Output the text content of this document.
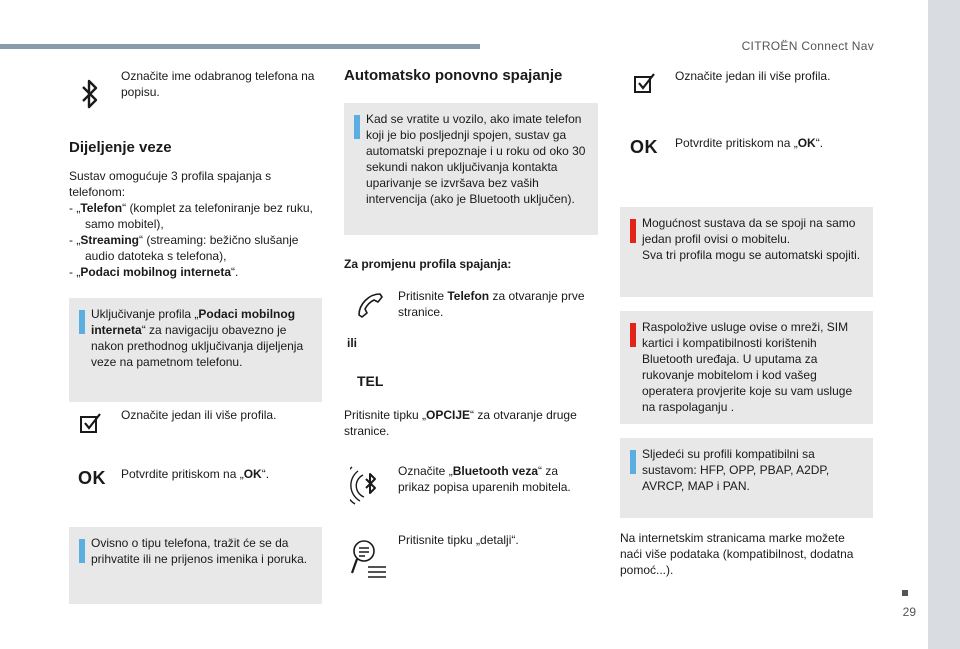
CITROËN Connect Nav
29
Označite ime odabranog telefona na popisu.
Dijeljenje veze
Sustav omogućuje 3 profila spajanja s telefonom:
- „Telefon“ (komplet za telefoniranje bez ruku, samo mobitel),
- „Streaming“ (streaming: bežično slušanje audio datoteka s telefona),
- „Podaci mobilnog interneta“.
Uključivanje profila „Podaci mobilnog interneta“ za navigaciju obavezno je nakon prethodnog uključivanja dijeljenja veze na pametnom telefonu.
Označite jedan ili više profila.
OK Potvrdite pritiskom na „OK“.
Ovisno o tipu telefona, tražit će se da prihvatite ili ne prijenos imenika i poruka.
Automatsko ponovno spajanje
Kad se vratite u vozilo, ako imate telefon koji je bio posljednji spojen, sustav ga automatski prepoznaje i u roku od oko 30 sekundi nakon uključivanja kontakta uparivanje se izvršava bez vaših intervencija (ako je Bluetooth uključen).
Za promjenu profila spajanja:
Pritisnite Telefon za otvaranje prve stranice.
ili
TEL
Pritisnite tipku „OPCIJE“ za otvaranje druge stranice.
Označite „Bluetooth veza“ za prikaz popisa uparenih mobitela.
Pritisnite tipku „detalji“.
Označite jedan ili više profila.
OK Potvrdite pritiskom na „OK“.
Mogućnost sustava da se spoji na samo jedan profil ovisi o mobitelu.
Sva tri profila mogu se automatski spojiti.
Raspoložive usluge ovise o mreži, SIM kartici i kompatibilnosti korištenih Bluetooth uređaja. U uputama za rukovanje mobitelom i kod vašeg operatera provjerite koje su vam usluge na raspolaganju .
Sljedeći su profili kompatibilni sa sustavom: HFP, OPP, PBAP, A2DP, AVRCP, MAP i PAN.
Na internetskim stranicama marke možete naći više podataka (kompatibilnost, dodatna pomoć...).
